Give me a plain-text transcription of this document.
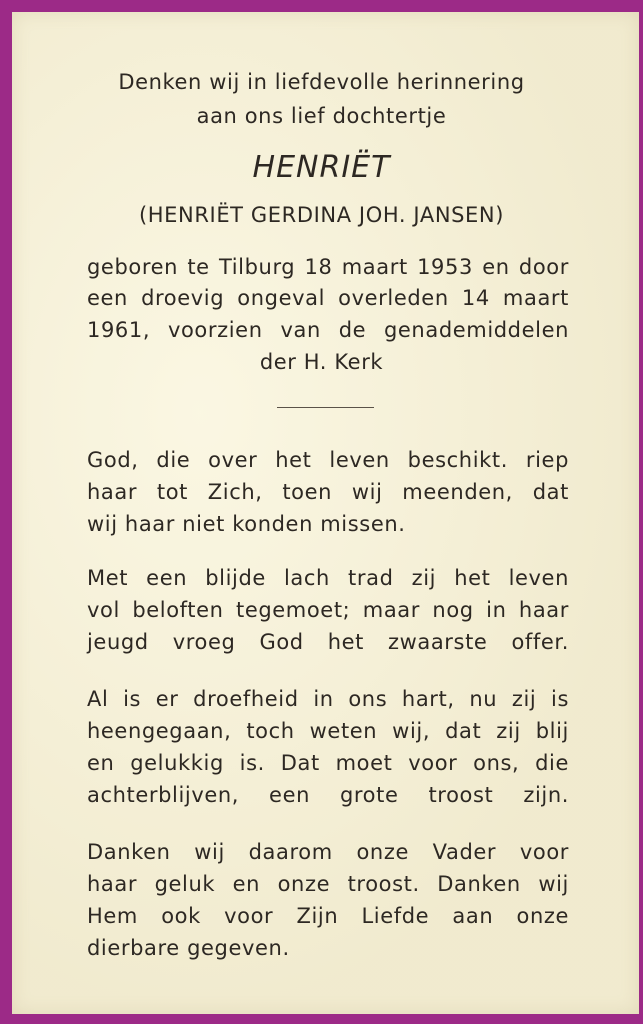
Denken wij in liefdevolle herinnering
aan ons lief dochtertje
HENRIËT
(HENRIËT GERDINA JOH. JANSEN)
geboren te Tilburg 18 maart 1953 en door
een droevig ongeval overleden 14 maart
1961, voorzien van de genademiddelen
der H. Kerk
God, die over het leven beschikt. riep
haar tot Zich, toen wij meenden, dat
wij haar niet konden missen.
Met een blijde lach trad zij het leven
vol beloften tegemoet; maar nog in haar
jeugd vroeg God het zwaarste offer.
Al is er droefheid in ons hart, nu zij is
heengegaan, toch weten wij, dat zij blij
en gelukkig is. Dat moet voor ons, die
achterblijven, een grote troost zijn.
Danken wij daarom onze Vader voor
haar geluk en onze troost. Danken wij
Hem ook voor Zijn Liefde aan onze
dierbare gegeven.
